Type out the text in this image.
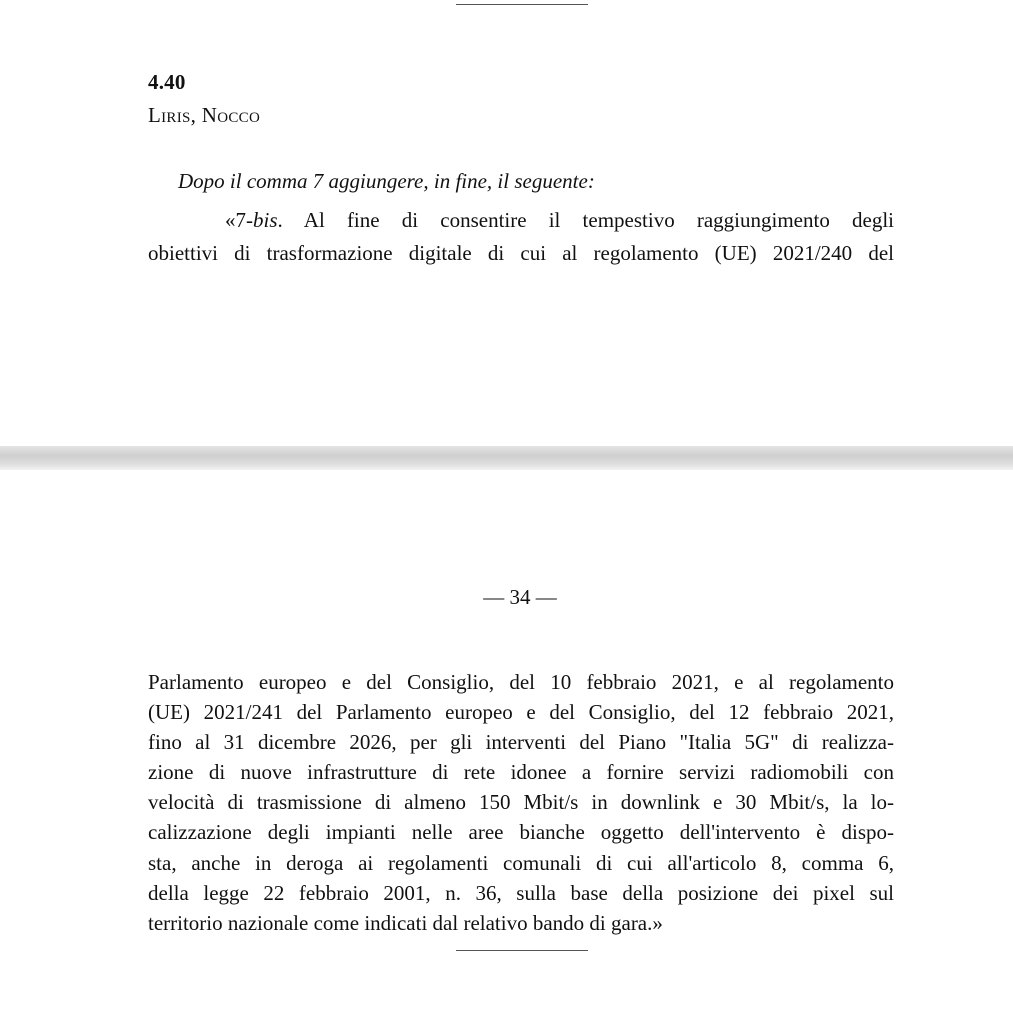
4.40
Liris, Nocco
Dopo il comma 7 aggiungere, in fine, il seguente:
«7-bis. Al fine di consentire il tempestivo raggiungimento degli
obiettivi di trasformazione digitale di cui al regolamento (UE) 2021/240 del
— 34 —
Parlamento europeo e del Consiglio, del 10 febbraio 2021, e al regolamento
(UE) 2021/241 del Parlamento europeo e del Consiglio, del 12 febbraio 2021,
fino al 31 dicembre 2026, per gli interventi del Piano "Italia 5G" di realizza-
zione di nuove infrastrutture di rete idonee a fornire servizi radiomobili con
velocità di trasmissione di almeno 150 Mbit/s in downlink e 30 Mbit/s, la lo-
calizzazione degli impianti nelle aree bianche oggetto dell'intervento è dispo-
sta, anche in deroga ai regolamenti comunali di cui all'articolo 8, comma 6,
della legge 22 febbraio 2001, n. 36, sulla base della posizione dei pixel sul
territorio nazionale come indicati dal relativo bando di gara.»
